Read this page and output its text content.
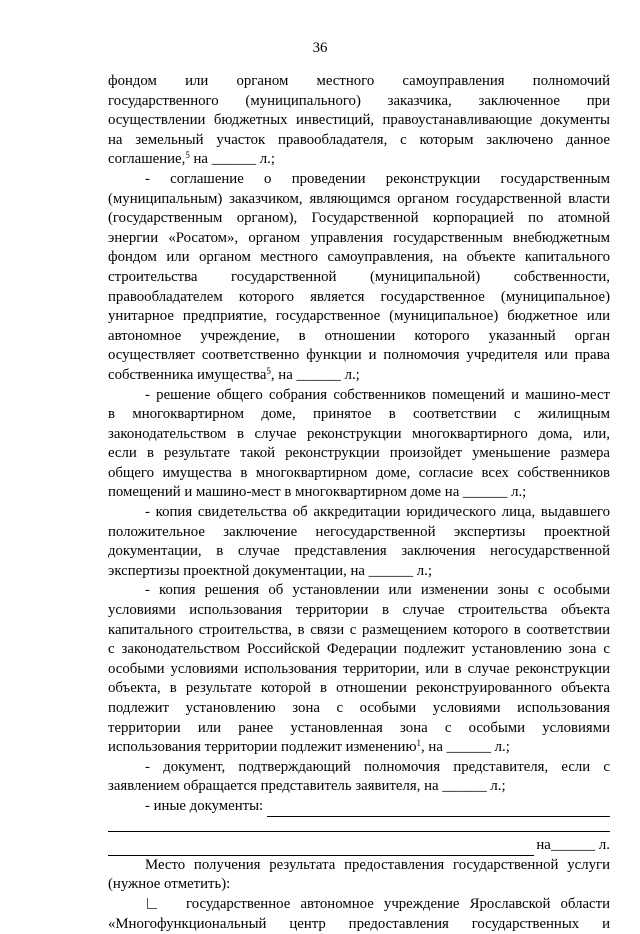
36
фондом или органом местного самоуправления полномочий
государственного (муниципального) заказчика, заключенное при
осуществлении бюджетных инвестиций, правоустанавливающие документы
на земельный участок правообладателя, с которым заключено данное
соглашение,$^5$ на ______ л.;
- соглашение о проведении реконструкции государственным
(муниципальным) заказчиком, являющимся органом государственной власти
(государственным органом), Государственной корпорацией по атомной
энергии «Росатом», органом управления государственным внебюджетным
фондом или органом местного самоуправления, на объекте капитального
строительства государственной (муниципальной) собственности,
правообладателем которого является государственное (муниципальное)
унитарное предприятие, государственное (муниципальное) бюджетное или
автономное учреждение, в отношении которого указанный орган
осуществляет соответственно функции и полномочия учредителя или права
собственника имущества$^5$, на ______ л.;
- решение общего собрания собственников помещений и машино-мест
в многоквартирном доме, принятое в соответствии с жилищным
законодательством в случае реконструкции многоквартирного дома, или,
если в результате такой реконструкции произойдет уменьшение размера
общего имущества в многоквартирном доме, согласие всех собственников
помещений и машино-мест в многоквартирном доме на ______ л.;
- копия свидетельства об аккредитации юридического лица, выдавшего
положительное заключение негосударственной экспертизы проектной
документации, в случае представления заключения негосударственной
экспертизы проектной документации, на ______ л.;
- копия решения об установлении или изменении зоны с особыми
условиями использования территории в случае строительства объекта
капитального строительства, в связи с размещением которого в соответствии
с законодательством Российской Федерации подлежит установлению зона с
особыми условиями использования территории, или в случае реконструкции
объекта, в результате которой в отношении реконструированного объекта
подлежит установлению зона с особыми условиями использования
территории или ранее установленная зона с особыми условиями
использования территории подлежит изменению$^1$, на ______ л.;
- документ, подтверждающий полномочия представителя, если с
заявлением обращается представитель заявителя, на ______ л.;
- иные документы:
на______ л.
Место получения результата предоставления государственной услуги
(нужное отметить):
государственное автономное учреждение Ярославской области
«Многофункциональный центр предоставления государственных и
